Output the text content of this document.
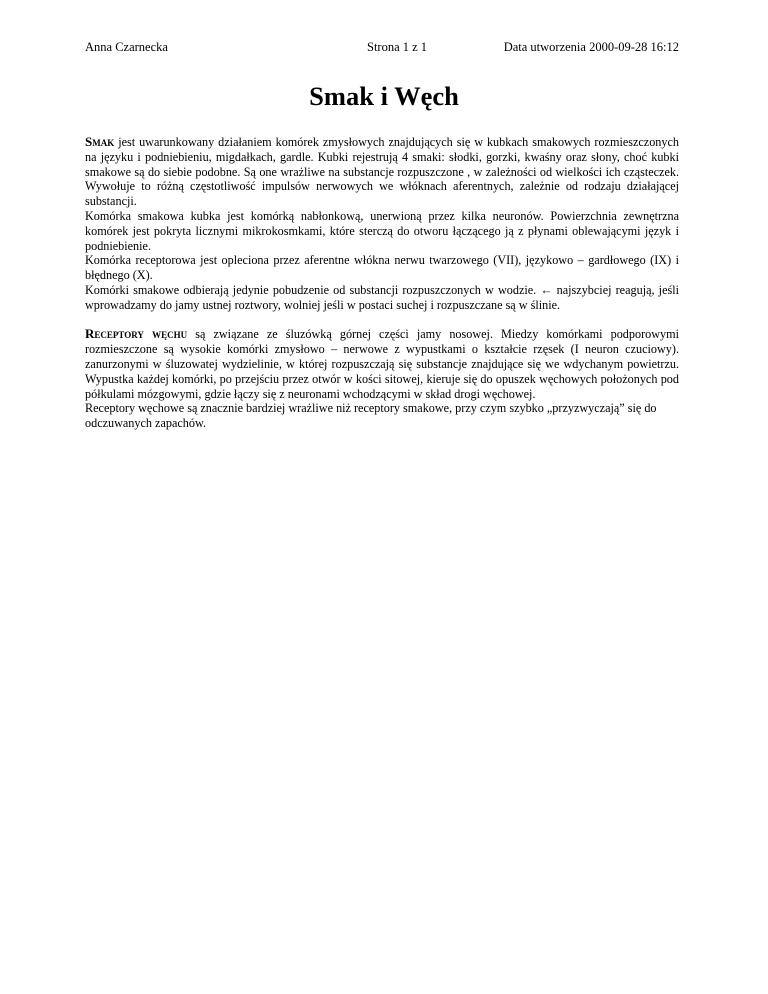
Anna Czarnecka	Strona 1 z 1	Data utworzenia 2000-09-28 16:12
Smak i Węch

Smak jest uwarunkowany działaniem komórek zmysłowych znajdujących się w kubkach smakowych rozmieszczonych na języku i podniebieniu, migdałkach, gardle. Kubki rejestrują 4 smaki: słodki, gorzki, kwaśny oraz słony, choć kubki smakowe są do siebie podobne. Są one wrażliwe na substancje rozpuszczone , w zależności od wielkości ich cząsteczek. Wywołuje to różną częstotliwość impulsów nerwowych we włóknach aferentnych, zależnie od rodzaju działającej substancji.

Komórka smakowa kubka jest komórką nabłonkową, unerwioną przez kilka neuronów. Powierzchnia zewnętrzna komórek jest pokryta licznymi mikrokosmkami, które sterczą do otworu łączącego ją z płynami oblewającymi język i podniebienie.

Komórka receptorowa jest opleciona przez aferentne włókna nerwu twarzowego (VII), językowo – gardłowego (IX) i błędnego (X).

Komórki smakowe odbierają jedynie pobudzenie od substancji rozpuszczonych w wodzie. ← najszybciej reagują, jeśli wprowadzamy do jamy ustnej roztwory, wolniej jeśli w postaci suchej i rozpuszczane są w ślinie.

Receptory węchu są związane ze śluzówką górnej części jamy nosowej. Miedzy komórkami podporowymi rozmieszczone są wysokie komórki zmysłowo – nerwowe z wypustkami o kształcie rzęsek (I neuron czuciowy). zanurzonymi w śluzowatej wydzielinie, w której rozpuszczają się substancje znajdujące się we wdychanym powietrzu. Wypustka każdej komórki, po przejściu przez otwór w kości sitowej, kieruje się do opuszek węchowych położonych pod półkulami mózgowymi, gdzie łączy się z neuronami wchodzącymi w skład drogi węchowej.

Receptory węchowe są znacznie bardziej wrażliwe niż receptory smakowe, przy czym szybko „przyzwyczają” się do odczuwanych zapachów.
